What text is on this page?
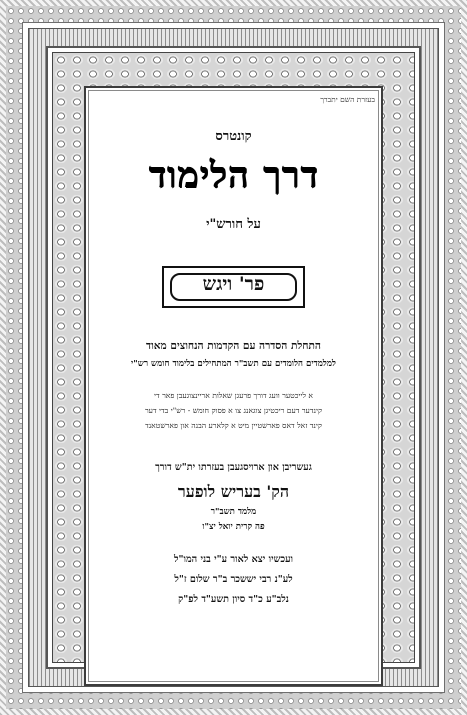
בעזרת השם יתברך
קונטרס
דרך הלימוד
על חורש"י
פר' ויגש
התחלת הסדרה עם הקדמות הנחוצים מאוד
למלמדים הלומדים עם תשב"ר המתחילים בלימוד חומש רש"י
א לייכטער וועג דורך פרעגן שאלות אריינצוגעבן פאר די
קינדער דעם ריכטיגן צוגאנג צו א פסוק חומש - רש"י בדי דער
קינד זאל דאס פארשטיין מיט א קלארע הבנה און פארשטאנד
געשריבן און ארויסגעבן בעזרתו ית"ש דורך
הק' בעריש לופער
מלמד תשב"ר
פה קרית יואל יצ"ו
ועכשיו יצא לאור ע"י בני המו"ל
לע"נ רבי יששכר ב"ר שלום ז"ל
נלב"ע כ"ד סיון תשע"ד לפ"ק
